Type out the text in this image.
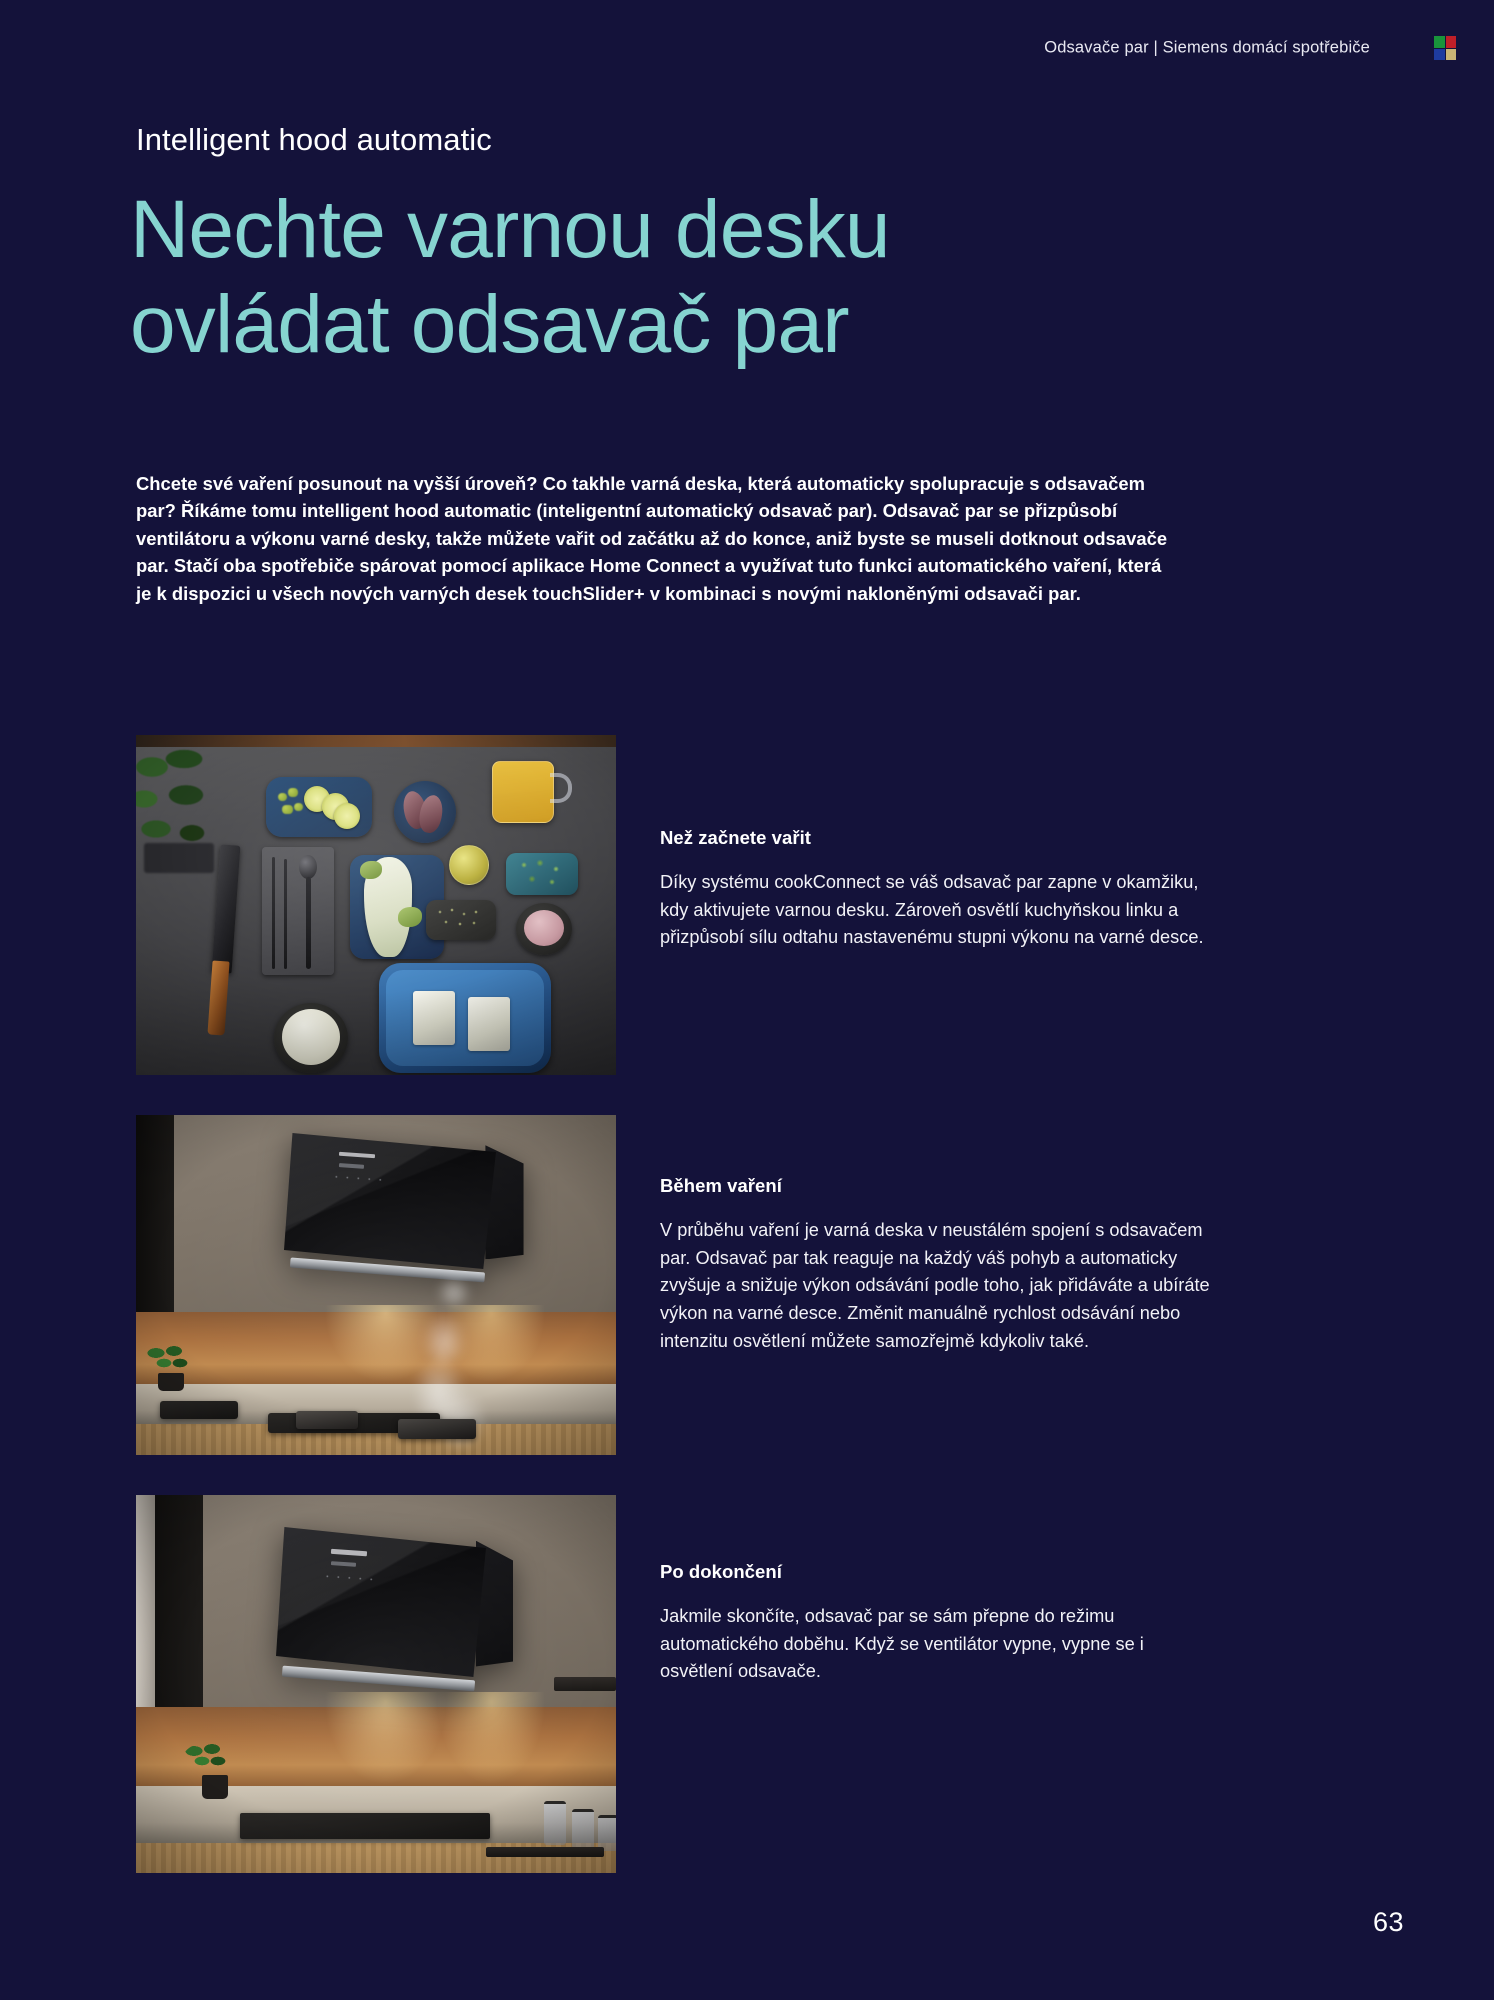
Odsavače par | Siemens domácí spotřebiče
Intelligent hood automatic
Nechte varnou desku
ovládat odsavač par

Chcete své vaření posunout na vyšší úroveň? Co takhle varná deska, která automaticky spolupracuje s odsavačem par? Říkáme tomu intelligent hood automatic (inteligentní automatický odsavač par). Odsavač par se přizpůsobí ventilátoru a výkonu varné desky, takže můžete vařit od začátku až do konce, aniž byste se museli dotknout odsavače par. Stačí oba spotřebiče spárovat pomocí aplikace Home Connect a využívat tuto funkci automatického vaření, která je k dispozici u všech nových varných desek touchSlider+ v kombinaci s novými nakloněnými odsavači par.

Než začnete vařit

Díky systému cookConnect se váš odsavač par zapne v okamžiku, kdy aktivujete varnou desku. Zároveň osvětlí kuchyňskou linku a přizpůsobí sílu odtahu nastavenému stupni výkonu na varné desce.

Během vaření

V průběhu vaření je varná deska v neustálém spojení s odsavačem par. Odsavač par tak reaguje na každý váš pohyb a automaticky zvyšuje a snižuje výkon odsávání podle toho, jak přidáváte a ubíráte výkon na varné desce. Změnit manuálně rychlost odsávání nebo intenzitu osvětlení můžete samozřejmě kdykoliv také.

Po dokončení

Jakmile skončíte, odsavač par se sám přepne do režimu automatického doběhu. Když se ventilátor vypne, vypne se i osvětlení odsavače.

63
